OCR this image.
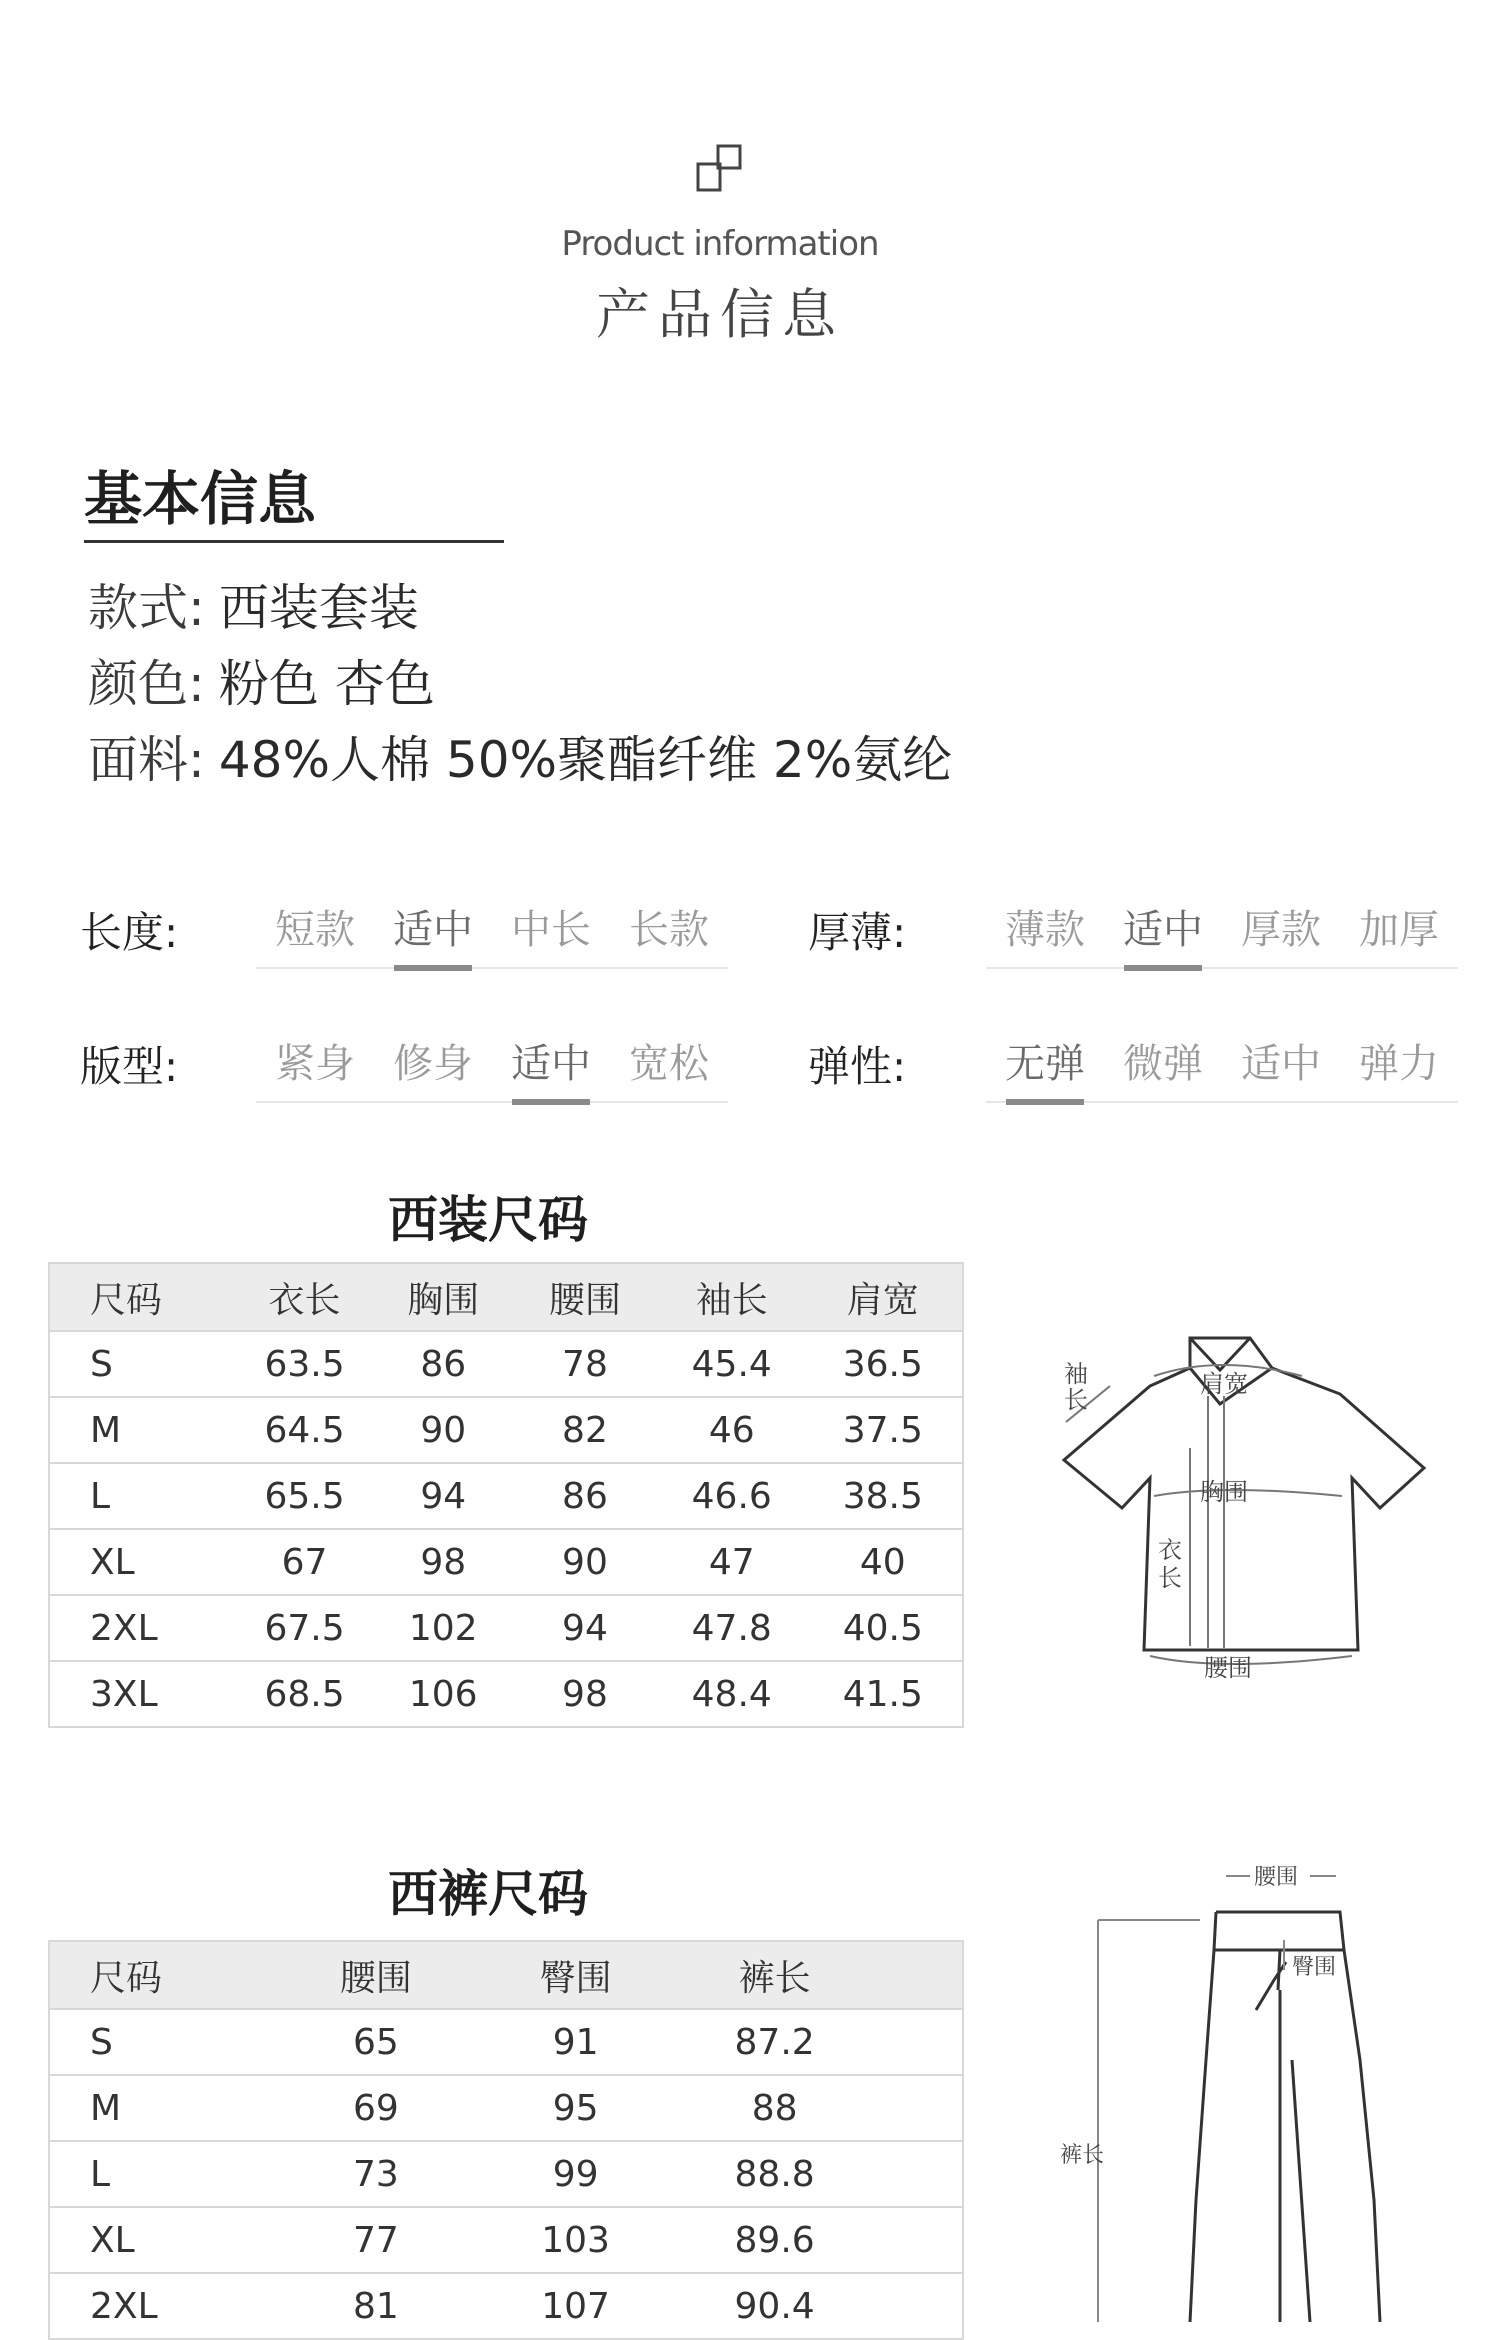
Product information
产品信息
基本信息
款式: 西装套装
颜色: 粉色 杏色
面料: 48%人棉 50%聚酯纤维 2%氨纶
长度:	短款 适中 中长 长款	厚薄:	薄款 适中 厚款 加厚
版型:	紧身 修身 适中 宽松	弹性:	无弹 微弹 适中 弹力
西装尺码
尺码	衣长	胸围	腰围	袖长	肩宽
S	63.5	86	78	45.4	36.5
M	64.5	90	82	46	37.5
L	65.5	94	86	46.6	38.5
XL	67	98	90	47	40
2XL	67.5	102	94	47.8	40.5
3XL	68.5	106	98	48.4	41.5
袖
长
肩宽
胸围
衣
长
腰围
西裤尺码
尺码	腰围	臀围	裤长	
S	65	91	87.2	
M	69	95	88	
L	73	99	88.8	
XL	77	103	89.6	
2XL	81	107	90.4	
腰围
臀围
裤长
